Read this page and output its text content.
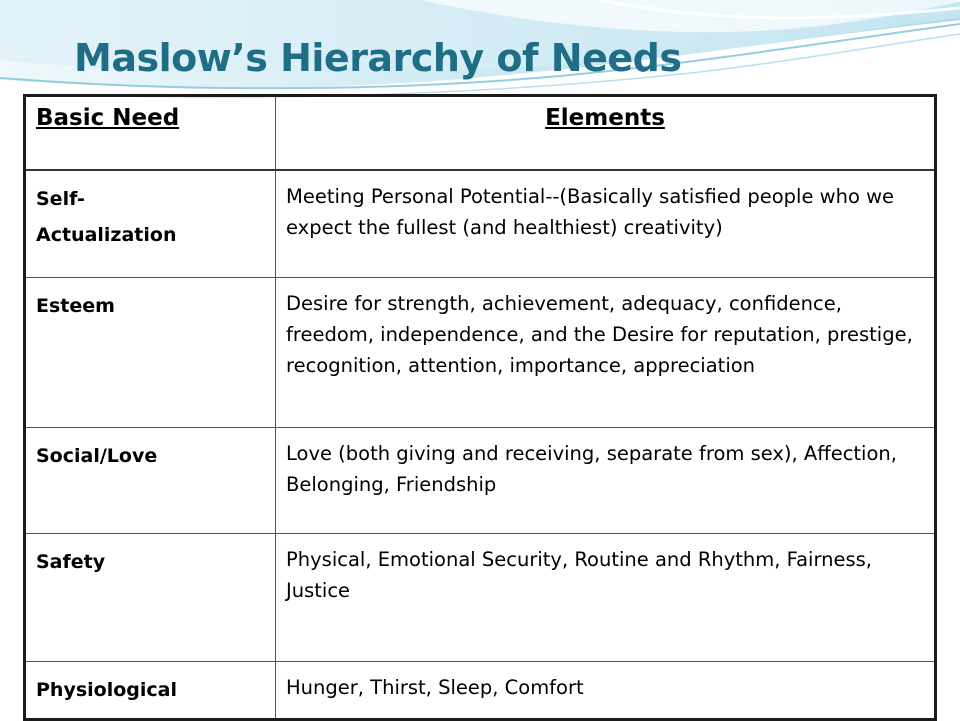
Maslow’s Hierarchy of Needs
Basic Need	Elements
Self-
Actualization	Meeting Personal Potential--(Basically satisfied people who we expect the fullest (and healthiest) creativity)
Esteem	Desire for strength, achievement, adequacy, confidence, freedom, independence, and the Desire for reputation, prestige, recognition, attention, importance, appreciation
Social/Love	Love (both giving and receiving, separate from sex), Affection, Belonging, Friendship
Safety	Physical, Emotional Security, Routine and Rhythm, Fairness, Justice
Physiological	Hunger, Thirst, Sleep, Comfort
